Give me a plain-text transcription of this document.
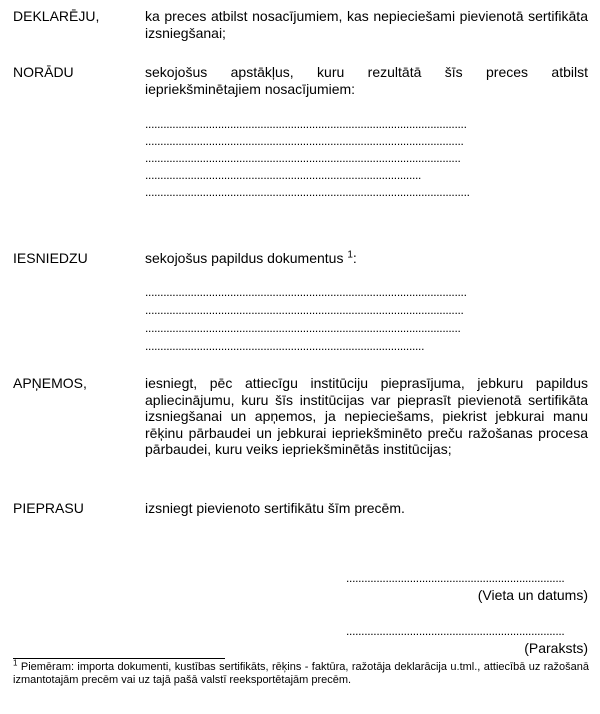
DEKLARĒJU,	ka preces atbilst nosacījumiem, kas nepieciešami pievienotā sertifikāta izsniegšanai;
NORĀDU	sekojošus apstākļus, kuru rezultātā šīs preces atbilst iepriekšminētajiem nosacījumiem:
..........................................................................................................
.........................................................................................................
........................................................................................................
...........................................................................................
...........................................................................................................
IESNIEDZU	sekojošus papildus dokumentus $^1$:
..........................................................................................................
.........................................................................................................
........................................................................................................
............................................................................................
APŅEMOS,	iesniegt, pēc attiecīgu institūciju pieprasījuma, jebkuru papildus apliecinājumu, kuru šīs institūcijas var pieprasīt pievienotā sertifikāta izsniegšanai un apņemos, ja nepieciešams, piekrist jebkurai manu rēķinu pārbaudei un jebkurai iepriekšminēto preču ražošanas procesa pārbaudei, kuru veiks iepriekšminētās institūcijas;
PIEPRASU	izsniegt pievienoto sertifikātu šīm precēm.
........................................................................
(Vieta un datums)
........................................................................
(Paraksts)
$^1$ Piemēram: importa dokumenti, kustības sertifikāts, rēķins - faktūra, ražotāja deklarācija u.tml., attiecībā uz ražošanā izmantotajām precēm vai uz tajā pašā valstī reeksportētajām precēm.
